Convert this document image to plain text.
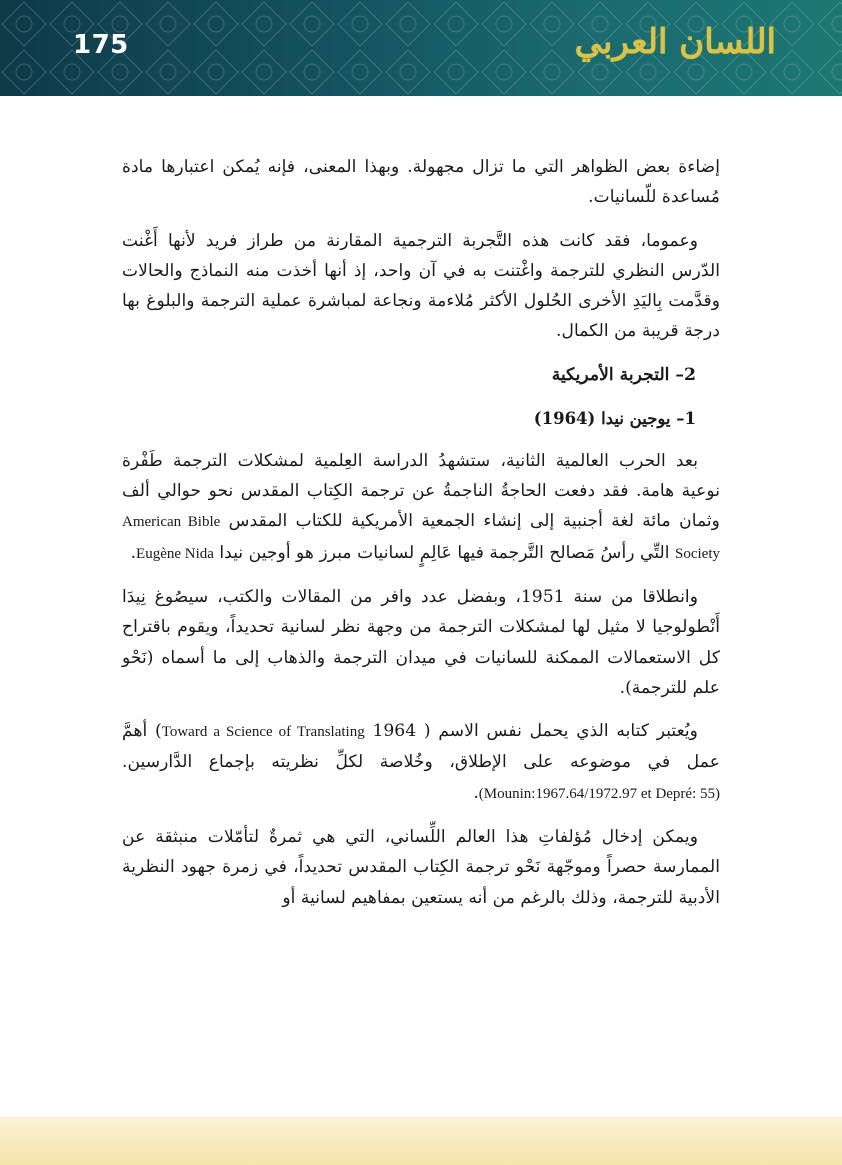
175	اللسان العربي

إضاءة بعض الظواهر التي ما تزال مجهولة. وبهذا المعنى، فإنه يُمكن اعتبارها مادة مُساعدة للّسانيات.

وعموما، فقد كانت هذه التَّجربة الترجمية المقارنة من طراز فريد لأنها أَغْنت الدّرس النظري للترجمة واغْتنت به في آن واحد، إذ أنها أخذت منه النماذج والحالات وقدَّمت بِاليَدِ الأخرى الحُلول الأكثر مُلاءمة ونجاعة لمباشرة عملية الترجمة والبلوغ بها درجة قريبة من الكمال.

2– التجربة الأمريكية
1– يوجين نيدا (1964)

بعد الحرب العالمية الثانية، ستشهدُ الدراسة العِلمية لمشكلات الترجمة طَفْرة نوعية هامة. فقد دفعت الحاجةُ الناجمةُ عن ترجمة الكِتاب المقدس نحو حوالي ألف وثمان مائة لغة أجنبية إلى إنشاء الجمعية الأمريكية للكتاب المقدس American Bible Society التِّي رأسُ مَصالح التَّرجمة فيها عَالِمٍ لسانيات مبرز هو أوجين نيدا Eugène Nida.

وانطلاقا من سنة 1951، وبفضل عدد وافر من المقالات والكتب، سيصُوغ نِيدَا أَنْطولوجيا لا مثيل لها لمشكلات الترجمة من وجهة نظر لسانية تحديداً، ويقوم باقتراح كل الاستعمالات الممكنة للسانيات في ميدان الترجمة والذهاب إلى ما أسماه (نَحْو علم للترجمة).

ويُعتبر كتابه الذي يحمل نفس الاسم ( Toward a Science of Translating 1964) أهمَّ عمل في موضوعه على الإطلاق، وخُلاصة لكلِّ نظريته بإجماع الدَّارسين. (Mounin:1967.64/1972.97 et Depré: 55).

ويمكن إدخال مُؤلفاتِ هذا العالم اللِّساني، التي هي ثمرةٌ لتأمّلات منبثقة عن الممارسة حصراً وموجّهة نَحْو ترجمة الكِتاب المقدس تحديداً، في زمرة جهود النظرية الأدبية للترجمة، وذلك بالرغم من أنه يستعين بمفاهيم لسانية أو
